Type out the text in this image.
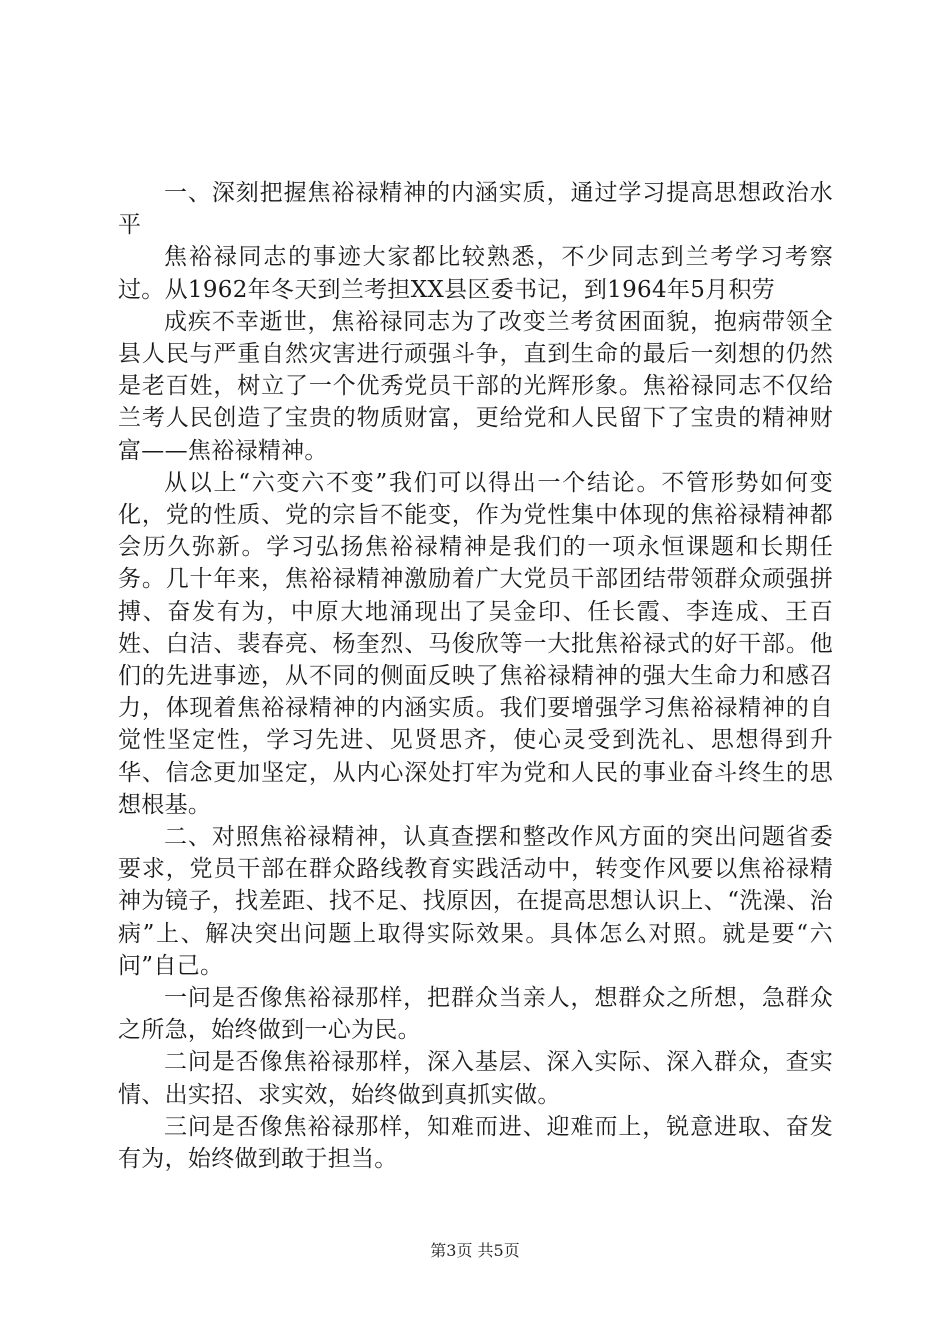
一、深刻把握焦裕禄精神的内涵实质，通过学习提高思想政治水平

焦裕禄同志的事迹大家都比较熟悉，不少同志到兰考学习考察过。从1962年冬天到兰考担XX县区委书记，到1964年5月积劳

成疾不幸逝世，焦裕禄同志为了改变兰考贫困面貌，抱病带领全县人民与严重自然灾害进行顽强斗争，直到生命的最后一刻想的仍然是老百姓，树立了一个优秀党员干部的光辉形象。焦裕禄同志不仅给兰考人民创造了宝贵的物质财富，更给党和人民留下了宝贵的精神财富——焦裕禄精神。

从以上“六变六不变”我们可以得出一个结论。不管形势如何变化，党的性质、党的宗旨不能变，作为党性集中体现的焦裕禄精神都会历久弥新。学习弘扬焦裕禄精神是我们的一项永恒课题和长期任务。几十年来，焦裕禄精神激励着广大党员干部团结带领群众顽强拼搏、奋发有为，中原大地涌现出了吴金印、任长霞、李连成、王百姓、白洁、裴春亮、杨奎烈、马俊欣等一大批焦裕禄式的好干部。他们的先进事迹，从不同的侧面反映了焦裕禄精神的强大生命力和感召力，体现着焦裕禄精神的内涵实质。我们要增强学习焦裕禄精神的自觉性坚定性，学习先进、见贤思齐，使心灵受到洗礼、思想得到升华、信念更加坚定，从内心深处打牢为党和人民的事业奋斗终生的思想根基。

二、对照焦裕禄精神，认真查摆和整改作风方面的突出问题省委要求，党员干部在群众路线教育实践活动中，转变作风要以焦裕禄精神为镜子，找差距、找不足、找原因，在提高思想认识上、“洗澡、治病”上、解决突出问题上取得实际效果。具体怎么对照。就是要“六问”自己。

一问是否像焦裕禄那样，把群众当亲人，想群众之所想，急群众之所急，始终做到一心为民。

二问是否像焦裕禄那样，深入基层、深入实际、深入群众，查实情、出实招、求实效，始终做到真抓实做。

三问是否像焦裕禄那样，知难而进、迎难而上，锐意进取、奋发有为，始终做到敢于担当。

第3页 共5页
